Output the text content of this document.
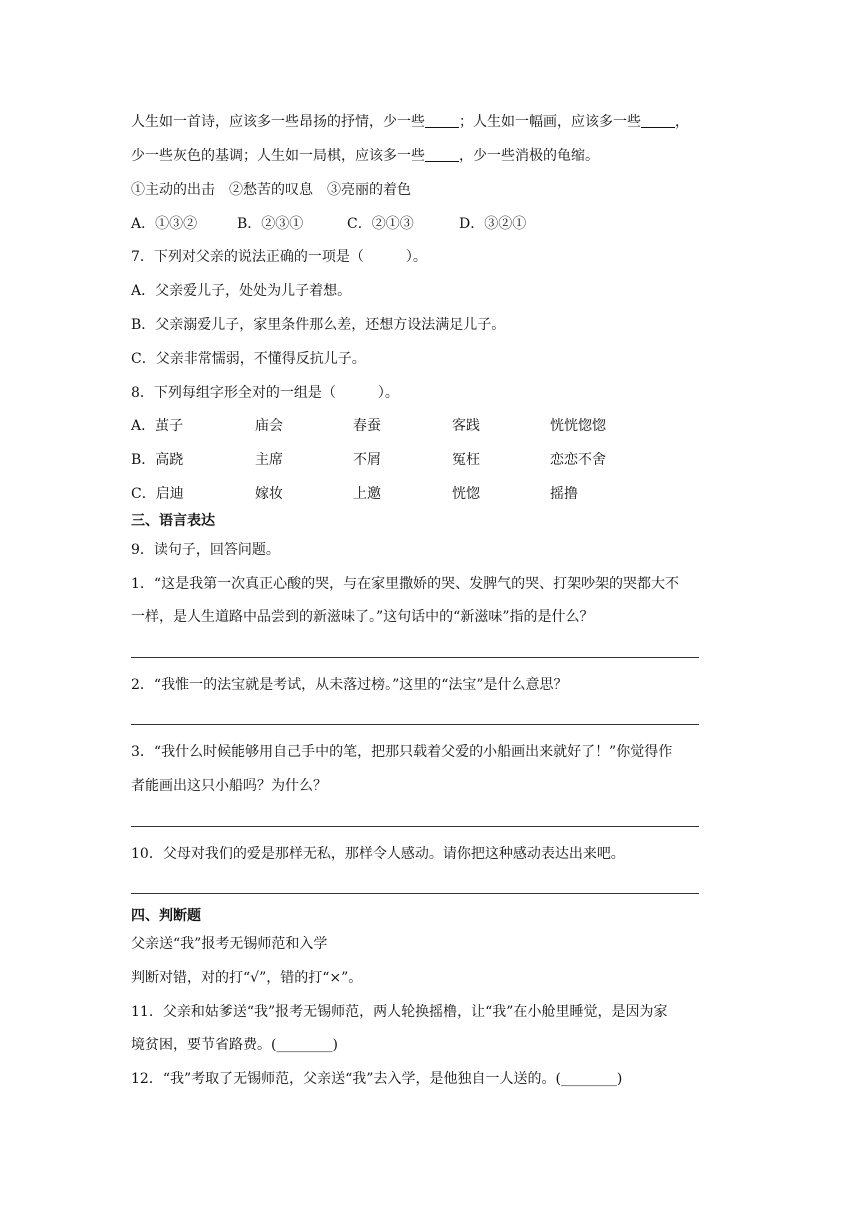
人生如一首诗，应该多一些昂扬的抒情，少一些 ；人生如一幅画，应该多一些 ，
少一些灰色的基调；人生如一局棋，应该多一些 ，少一些消极的龟缩。
①主动的出击　②愁苦的叹息　③亮丽的着色
A．①③②	B．②③①	C．②①③	D．③②①
7．下列对父亲的说法正确的一项是（　　　）。
A．父亲爱儿子，处处为儿子着想。
B．父亲溺爱儿子，家里条件那么差，还想方设法满足儿子。
C．父亲非常懦弱，不懂得反抗儿子。
8．下列每组字形全对的一组是（　　　）。
A．茧子	庙会	春蚕	客践	恍恍惚惚
B．高跷	主席	不屑	冤枉	恋恋不舍
C．启迪	嫁妆	上邀	恍惚	摇撸
三、语言表达
9．读句子，回答问题。
1．“这是我第一次真正心酸的哭，与在家里撒娇的哭、发脾气的哭、打架吵架的哭都大不
一样，是人生道路中品尝到的新滋味了。”这句话中的“新滋味”指的是什么？
2．“我惟一的法宝就是考试，从未落过榜。”这里的“法宝”是什么意思？
3．“我什么时候能够用自己手中的笔，把那只载着父爱的小船画出来就好了！”你觉得作
者能画出这只小船吗？为什么？
10．父母对我们的爱是那样无私，那样令人感动。请你把这种感动表达出来吧。
四、判断题
父亲送“我”报考无锡师范和入学
判断对错，对的打“√”，错的打“×”。
11．父亲和姑爹送“我”报考无锡师范，两人轮换摇橹，让“我”在小舱里睡觉，是因为家
境贫困，要节省路费。(________)
12．“我”考取了无锡师范，父亲送“我”去入学，是他独自一人送的。(________)
